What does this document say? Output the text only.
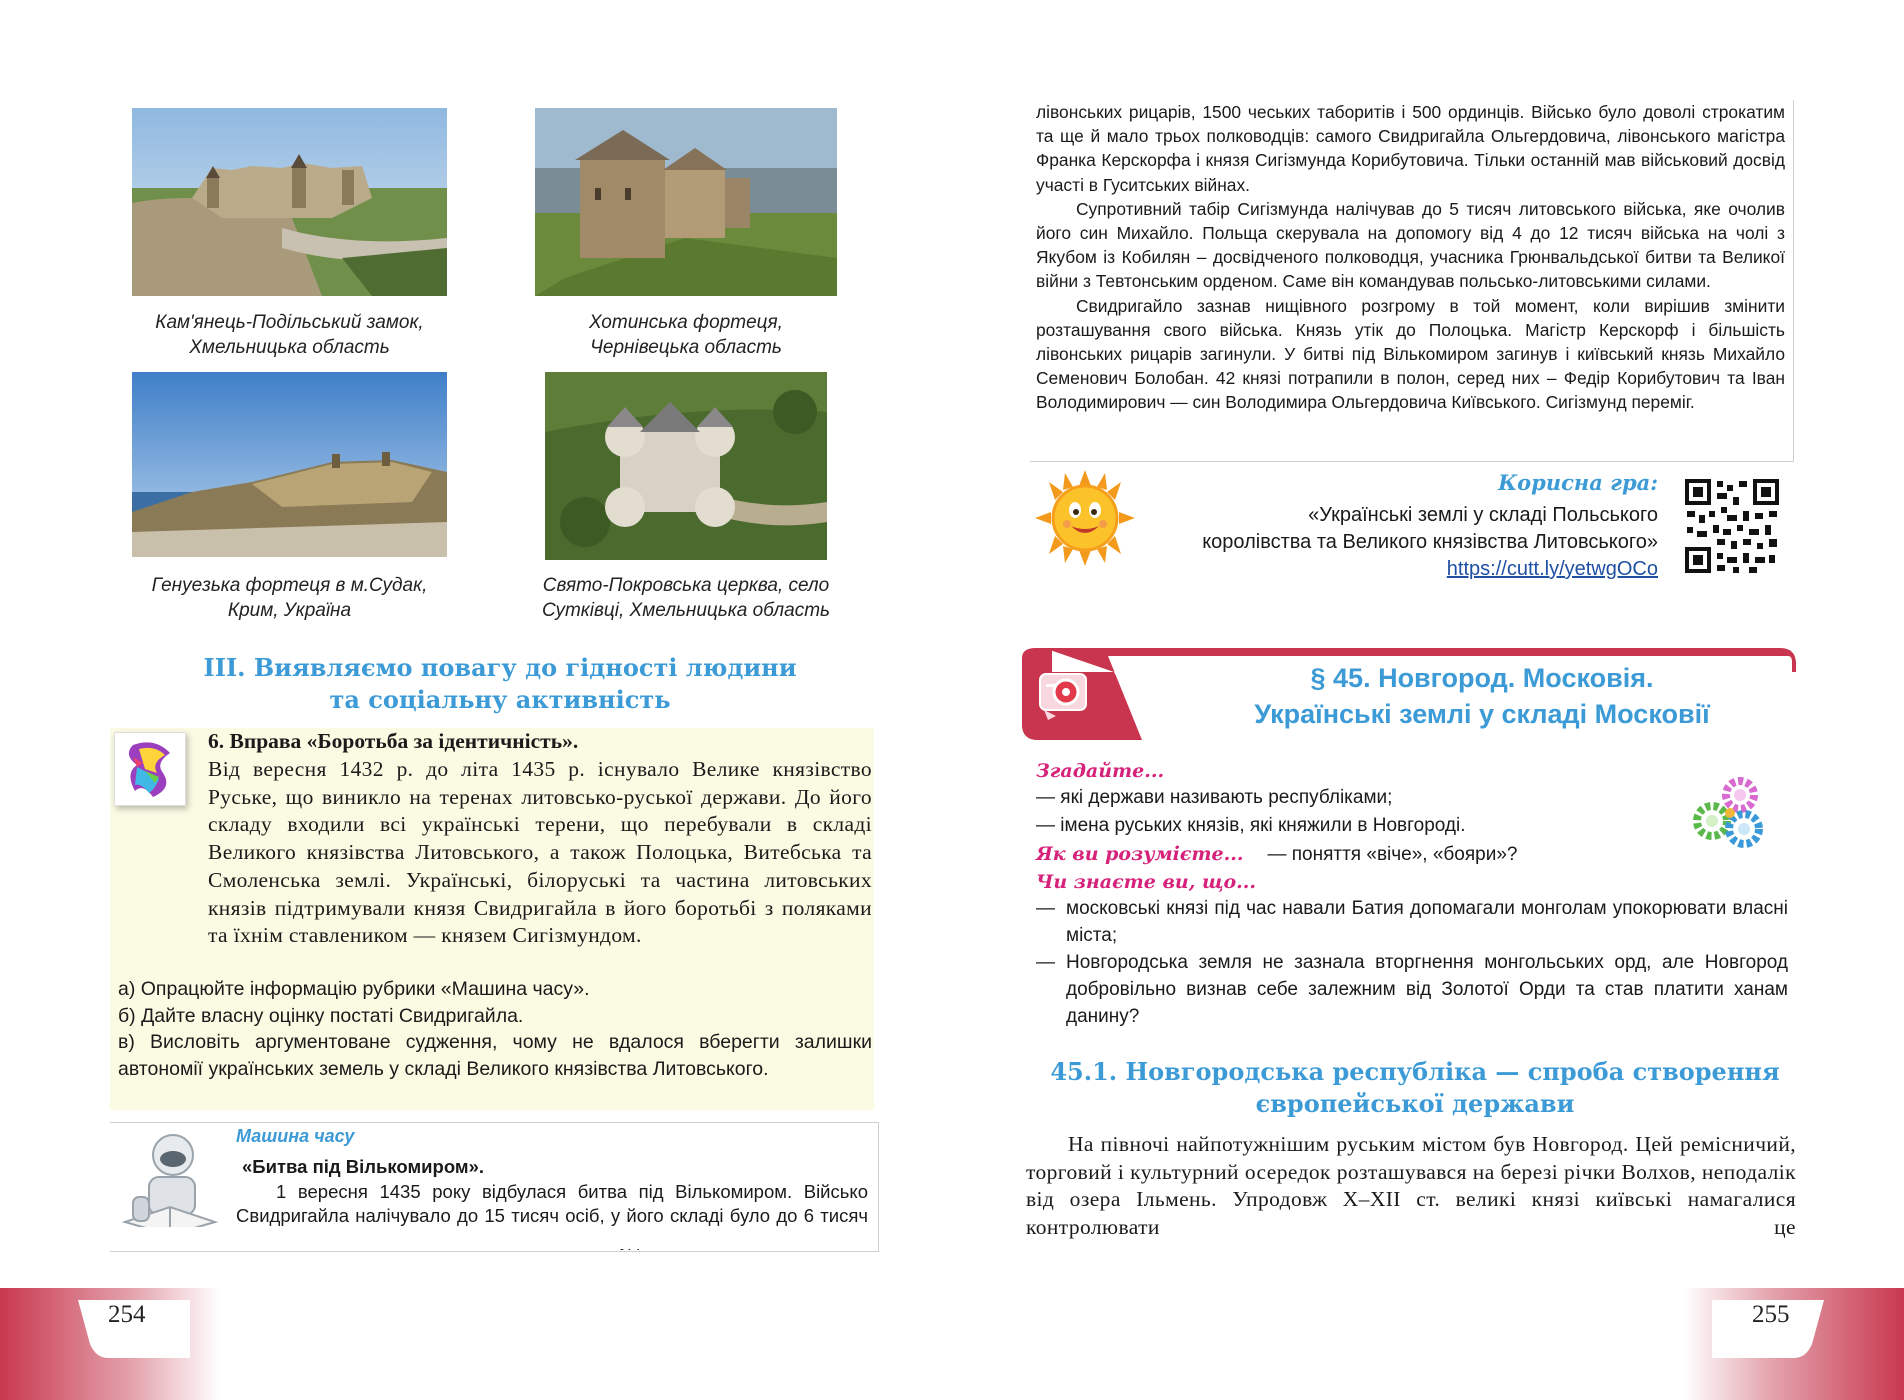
Кам'янець-Подільський замок,
Хмельницька область
Хотинська фортеця,
Чернівецька область
Генуезька фортеця в м.Судак,
Крим, Україна
Свято-Покровська церква, село
Сутківці, Хмельницька область
ІІІ. Виявляємо повагу до гідності людини
та соціальну активність

6. Вправа «Боротьба за ідентичність».

Від вересня 1432 р. до літа 1435 р. існувало Велике князівство Руське, що виникло на теренах литовсько-руської держави. До його складу входили всі українські терени, що перебували в складі Великого князівства Литовського, а також Полоцька, Витебська та Смоленська землі. Українські, білоруські та частина литовських князів підтримували князя Свидригайла в його боротьбі з поляками та їхнім ставлеником — князем Сигізмундом.
а) Опрацюйте інформацію рубрики «Машина часу».
б) Дайте власну оцінку постаті Свидригайла.
в) Висловіть аргументоване судження, чому не вдалося вберегти залишки автономії українських земель у складі Великого князівства Литовського.
Машина часу
«Битва під Вількомиром».
1 вересня 1435 року відбулася битва під Вількомиром. Військо Свидригайла налічувало до 15 тисяч осіб, у його складі було до 6 тисяч

лівонських рицарів, 1500 чеських таборитів і 500 ординців. Військо було доволі строкатим та ще й мало трьох полководців: самого Свидригайла Ольгердовича, лівонського магістра Франка Керскорфа і князя Сигізмунда Корибутовича. Тільки останній мав військовий досвід участі в Гуситських війнах.

Супротивний табір Сигізмунда налічував до 5 тисяч литовського війська, яке очолив його син Михайло. Польща скерувала на допомогу від 4 до 12 тисяч війська на чолі з Якубом із Кобилян – досвідченого полководця, учасника Грюнвальдської битви та Великої війни з Тевтонським орденом. Саме він командував польсько-литовськими силами.

Свидригайло зазнав нищівного розгрому в той момент, коли вирішив змінити розташування свого війська. Князь утік до Полоцька. Магістр Керскорф і більшість лівонських рицарів загинули. У битві під Вількомиром загинув і київський князь Михайло Семенович Болобан. 42 князі потрапили в полон, серед них – Федір Корибутович та Іван Володимирович — син Володимира Ольгердовича Київського. Сигізмунд переміг.

Корисна гра:
«Українські землі у складі Польського
королівства та Великого князівства Литовського»
https://cutt.ly/yetwgOCo
§ 45. Новгород. Московія.
Українські землі у складі Московії
Згадайте...

— які держави називають республіками;

— імена руських князів, які княжили в Новгороді.

Як ви розумієте... — поняття «віче», «бояри»?
Чи знаєте ви, що...
— московські князі під час навали Батия допомагали монголам упокорювати власні міста;
— Новгородська земля не зазнала вторгнення монгольських орд, але Новгород добровільно визнав себе залежним від Золотої Орди та став платити ханам данину?
45.1. Новгородська республіка — спроба створення
європейської держави
На півночі найпотужнішим руським містом був Новгород. Цей ремісничий, торговий і культурний осередок розташувався на березі річки Волхов, неподалік від озера Ільмень. Упродовж X–XII ст. великі князі київські намагалися контролювати це
254	255
